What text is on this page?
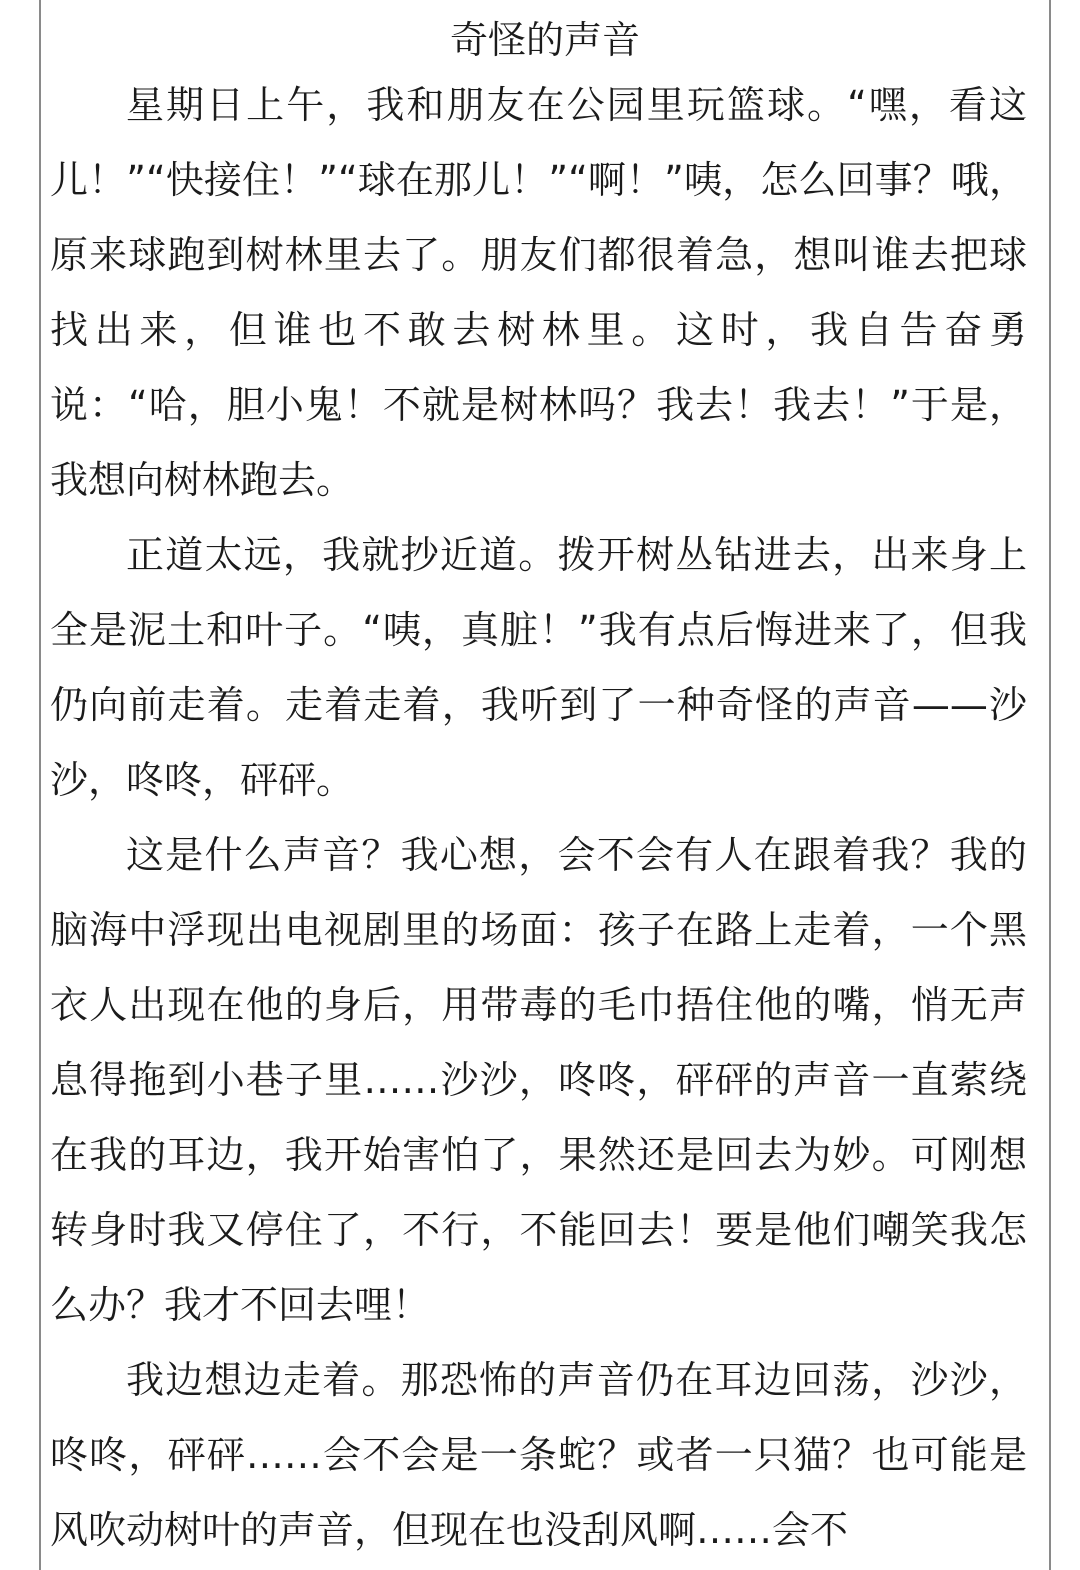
奇怪的声音

星期日上午，我和朋友在公园里玩篮球。“嘿，看这儿！”“快接住！”“球在那儿！”“啊！”咦，怎么回事？哦，原来球跑到树林里去了。朋友们都很着急，想叫谁去把球找出来，但谁也不敢去树林里。这时，我自告奋勇说：“哈，胆小鬼！不就是树林吗？我去！我去！”于是，我想向树林跑去。

正道太远，我就抄近道。拨开树丛钻进去，出来身上全是泥土和叶子。“咦，真脏！”我有点后悔进来了，但我仍向前走着。走着走着，我听到了一种奇怪的声音——沙沙，咚咚，砰砰。

这是什么声音？我心想，会不会有人在跟着我？我的脑海中浮现出电视剧里的场面：孩子在路上走着，一个黑衣人出现在他的身后，用带毒的毛巾捂住他的嘴，悄无声息得拖到小巷子里……沙沙，咚咚，砰砰的声音一直萦绕在我的耳边，我开始害怕了，果然还是回去为妙。可刚想转身时我又停住了，不行，不能回去！要是他们嘲笑我怎么办？我才不回去哩！

我边想边走着。那恐怖的声音仍在耳边回荡，沙沙，咚咚，砰砰……会不会是一条蛇？或者一只猫？也可能是风吹动树叶的声音，但现在也没刮风啊……会不
